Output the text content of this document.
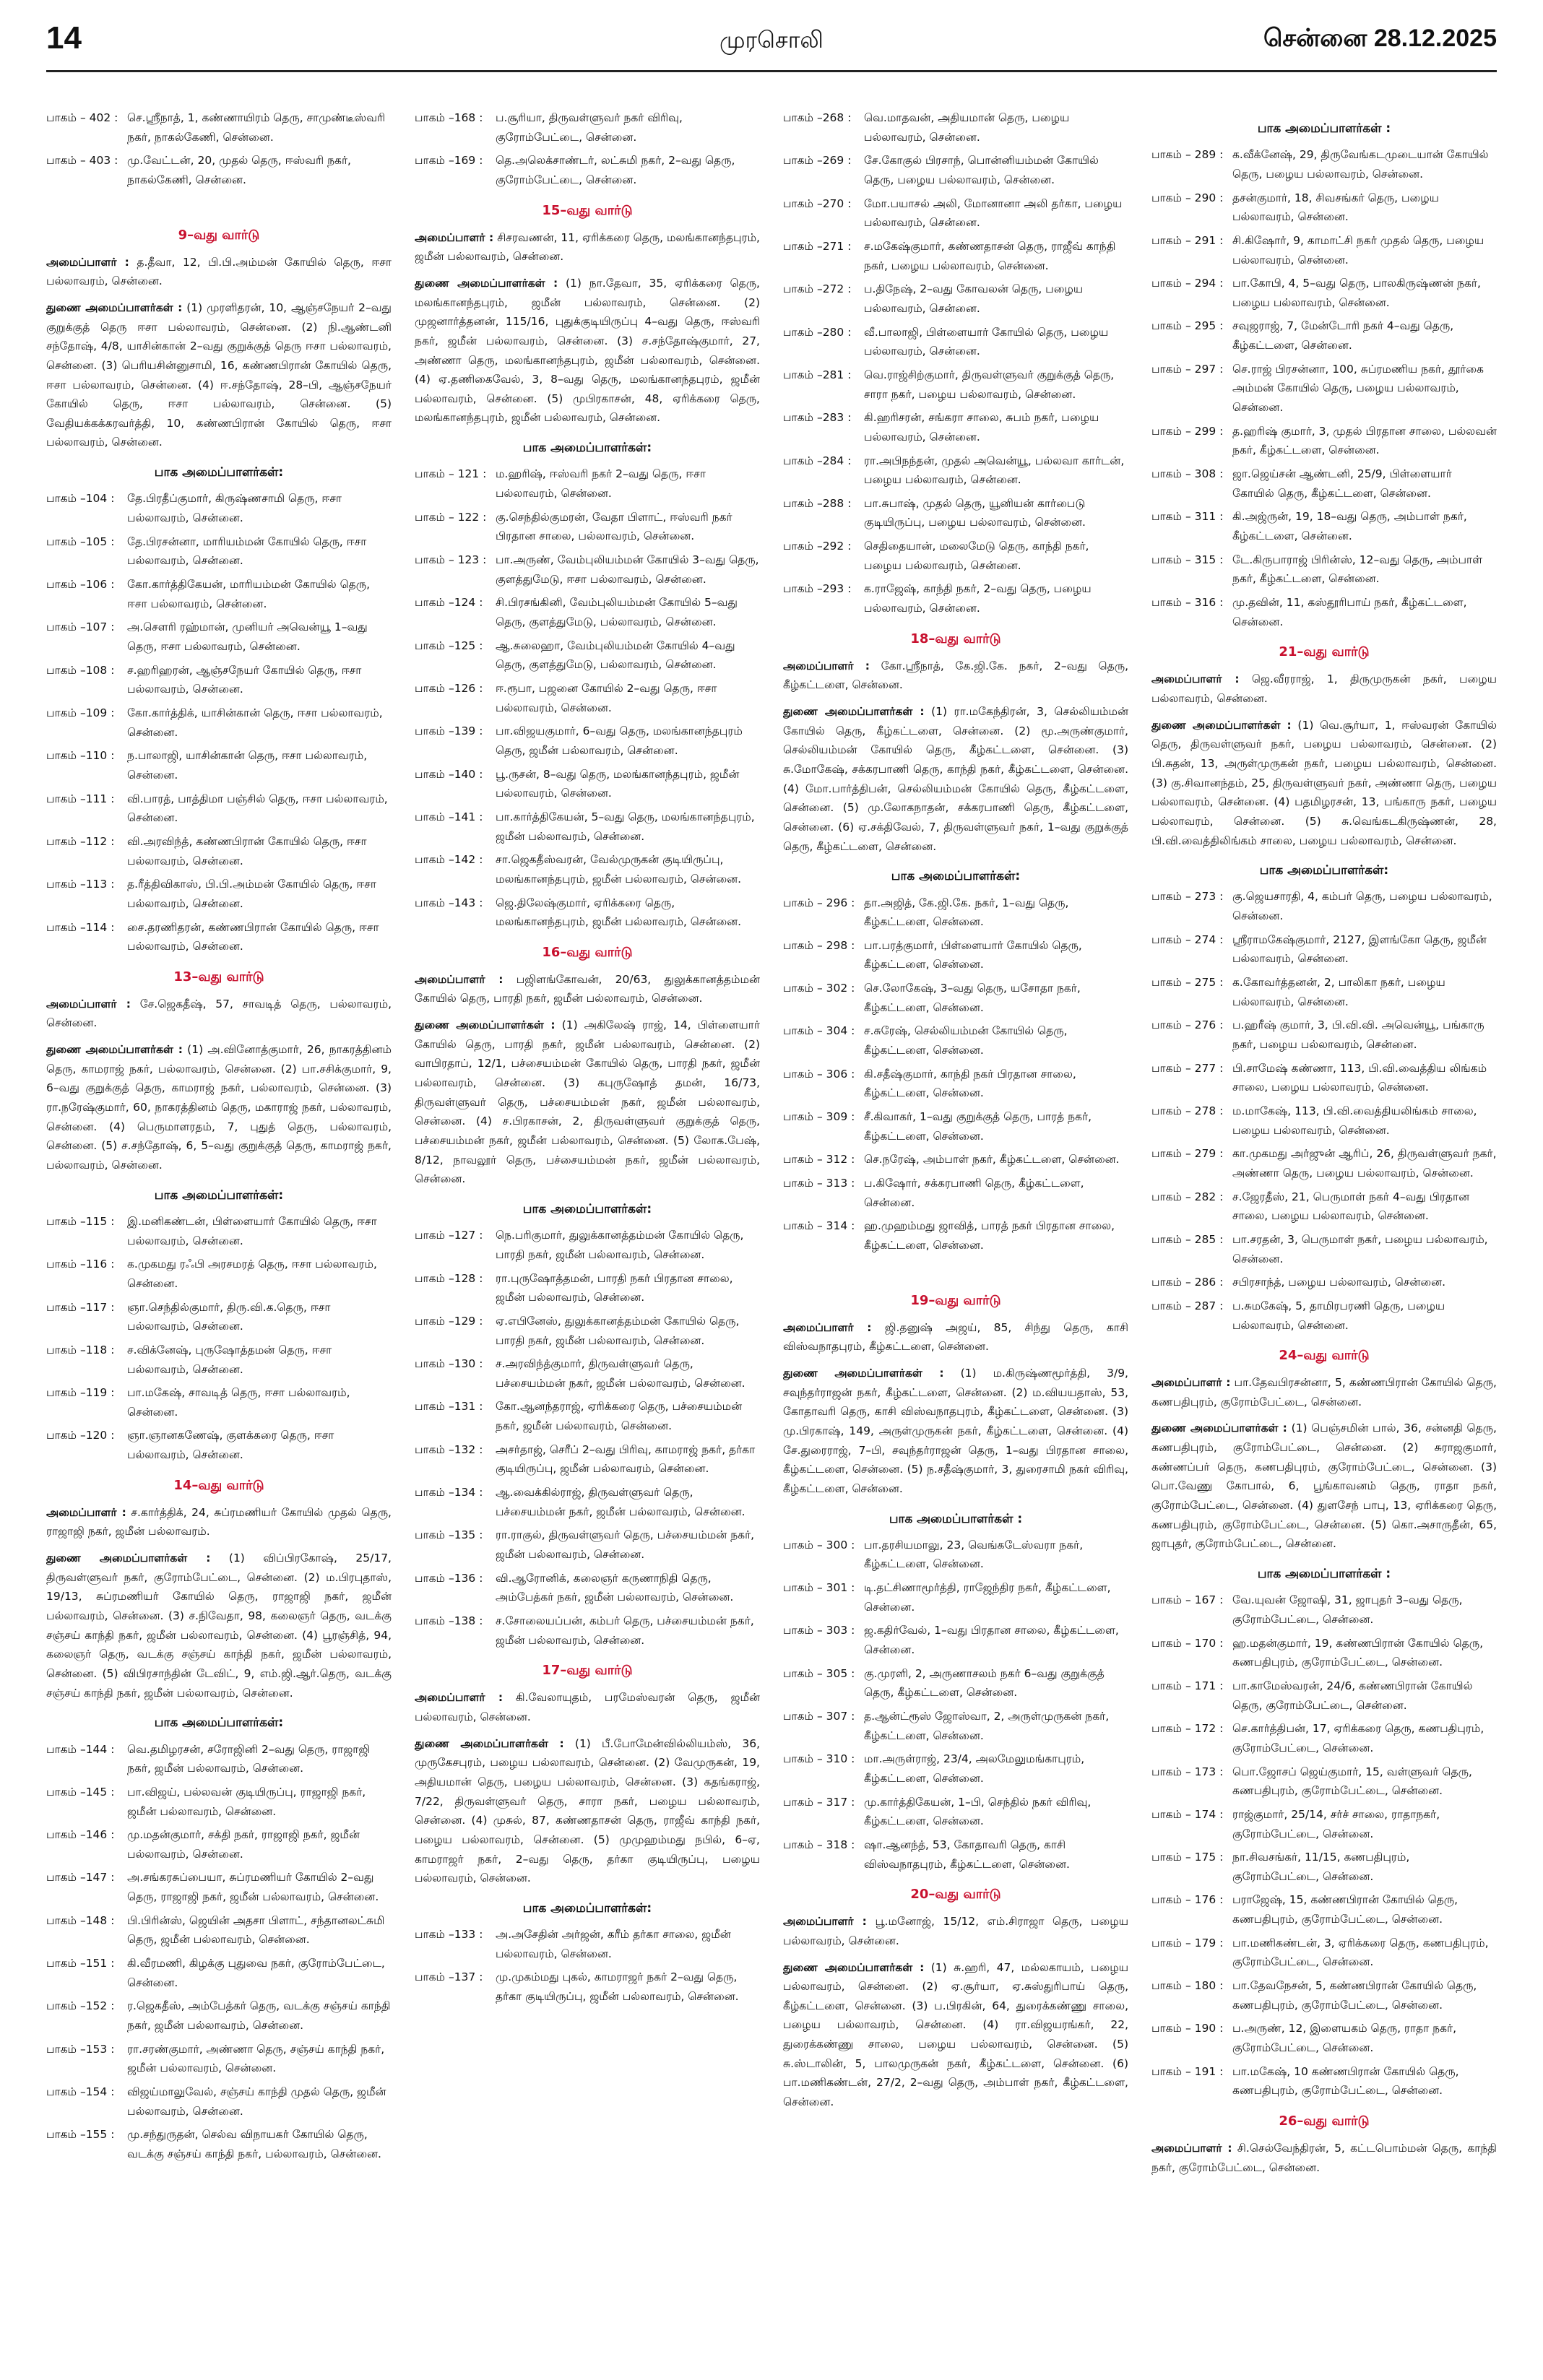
14	முரசொலி	சென்னை 28.12.2025
பாகம் – 402 : செ.ஸ்ரீநாத், 1, கண்ணாயிரம் தெரு, சாமுண்டீஸ்வரி நகர், நாகல்கேணி, சென்னை.
பாகம் – 403 : மு.வேட்டன், 20, முதல் தெரு, ஈஸ்வரி நகர், நாகல்கேணி, சென்னை.
9–வது வார்டு
அமைப்பாளர் : த.தீவா, 12, பி.பி.அம்மன் கோயில் தெரு, ஈசா பல்லாவரம், சென்னை.
துணை அமைப்பாளர்கள் : (1) முரளிதரன், 10, ஆஞ்சநேயர் 2–வது குறுக்குத் தெரு ஈசா பல்லாவரம், சென்னை. (2) நி.ஆண்டனி சந்தோஷ், 4/8, யாசின்கான் 2–வது குறுக்குத் தெரு ஈசா பல்லாவரம், சென்னை. (3) பெரியசின்னுசாமி, 16, கண்ணபிரான் கோயில் தெரு, ஈசா பல்லாவரம், சென்னை. (4) ஈ.சந்தோஷ், 28–பி, ஆஞ்சநேயர் கோயில் தெரு, ஈசா பல்லாவரம், சென்னை. (5) வேதியக்கக்கரவர்த்தி, 10, கண்ணபிரான் கோயில் தெரு, ஈசா பல்லாவரம், சென்னை.
பாக அமைப்பாளர்கள்:
பாகம் –104 :	தே.பிரதீப்குமார், கிருஷ்ணசாமி தெரு, ஈசா பல்லாவரம், சென்னை.
பாகம் –105 :	தே.பிரசன்னா, மாரியம்மன் கோயில் தெரு, ஈசா பல்லாவரம், சென்னை.
பாகம் –106 :	கோ.கார்த்திகேயன், மாரியம்மன் கோயில் தெரு, ஈசா பல்லாவரம், சென்னை.
பாகம் –107 :	அ.சௌரி ரஹ்மான், முனியர் அவென்யூ 1–வது தெரு, ஈசா பல்லாவரம், சென்னை.
பாகம் –108 :	ச.ஹரிஹரன், ஆஞ்சநேயர் கோயில் தெரு, ஈசா பல்லாவரம், சென்னை.
பாகம் –109 :	கோ.கார்த்திக், யாசின்கான் தெரு, ஈசா பல்லாவரம், சென்னை.
பாகம் –110 :	ந.பாலாஜி, யாசின்கான் தெரு, ஈசா பல்லாவரம், சென்னை.
பாகம் –111 :	வி.பாரத், பாத்திமா பஞ்சில் தெரு, ஈசா பல்லாவரம், சென்னை.
பாகம் –112 :	வி.அரவிந்த், கண்ணபிரான் கோயில் தெரு, ஈசா பல்லாவரம், சென்னை.
பாகம் –113 :	த.ரீத்திவிகாஸ், பி.பி.அம்மன் கோயில் தெரு, ஈசா பல்லாவரம், சென்னை.
பாகம் –114 :	சை.தரணிதரன், கண்ணபிரான் கோயில் தெரு, ஈசா பல்லாவரம், சென்னை.
13–வது வார்டு
அமைப்பாளர் : சே.ஜெகதீஷ், 57, சாவடித் தெரு, பல்லாவரம், சென்னை.
துணை அமைப்பாளர்கள் : (1) அ.வினோத்குமார், 26, நாகரத்தினம் தெரு, காமராஜ் நகர், பல்லாவரம், சென்னை. (2) பா.சசிக்குமார், 9, 6–வது குறுக்குத் தெரு, காமராஜ் நகர், பல்லாவரம், சென்னை. (3) ரா.நரேஷ்குமார், 60, நாகரத்தினம் தெரு, மகாராஜ் நகர், பல்லாவரம், சென்னை. (4) பெருமாளரதம், 7, புதுத் தெரு, பல்லாவரம், சென்னை. (5) ச.சந்தோஷ், 6, 5–வது குறுக்குத் தெரு, காமராஜ் நகர், பல்லாவரம், சென்னை.
பாக அமைப்பாளர்கள்:
பாகம் –115 :	இ.மனிகண்டன், பிள்ளையார் கோயில் தெரு, ஈசா பல்லாவரம், சென்னை.
பாகம் –116 :	க.முகமது ரஃபி அரசமரத் தெரு, ஈசா பல்லாவரம், சென்னை.
பாகம் –117 :	ஞா.செந்தில்குமார், திரு.வி.க.தெரு, ஈசா பல்லாவரம், சென்னை.
பாகம் –118 :	ச.விக்னேஷ், புருஷோத்தமன் தெரு, ஈசா பல்லாவரம், சென்னை.
பாகம் –119 :	பா.மகேஷ், சாவடித் தெரு, ஈசா பல்லாவரம், சென்னை.
பாகம் –120 :	ஞா.ஞானகணேஷ், குளக்கரை தெரு, ஈசா பல்லாவரம், சென்னை.
14–வது வார்டு
அமைப்பாளர் : ச.கார்த்திக், 24, சுப்ரமணியர் கோயில் முதல் தெரு, ராஜாஜி நகர், ஜமீன் பல்லாவரம்.
துணை அமைப்பாளர்கள் : (1) விப்பிரகோஷ், 25/17, திருவள்ளுவர் நகர், குரோம்பேட்டை, சென்னை. (2) ம.பிரபுதாஸ், 19/13, சுப்ரமணியர் கோயில் தெரு, ராஜாஜி நகர், ஜமீன் பல்லாவரம், சென்னை. (3) ச.நிவேதா, 98, கலைஞர் தெரு, வடக்கு சஞ்சய் காந்தி நகர், ஜமீன் பல்லாவரம், சென்னை. (4) பூரஞ்சித், 94, கலைஞர் தெரு, வடக்கு சஞ்சய் காந்தி நகர், ஜமீன் பல்லாவரம், சென்னை. (5) விபிரசாந்தின் டேவிட், 9, எம்.ஜி.ஆர்.தெரு, வடக்கு சஞ்சய் காந்தி நகர், ஜமீன் பல்லாவரம், சென்னை.
பாக அமைப்பாளர்கள்:
பாகம் –144 :	வெ.தமிழரசன், சரோஜினி 2–வது தெரு, ராஜாஜி நகர், ஜமீன் பல்லாவரம், சென்னை.
பாகம் –145 :	பா.விஜய், பல்லவன் குடியிருப்பு, ராஜாஜி நகர், ஜமீன் பல்லாவரம், சென்னை.
பாகம் –146 :	மு.மதன்குமார், சக்தி நகர், ராஜாஜி நகர், ஜமீன் பல்லாவரம், சென்னை.
பாகம் –147 :	அ.சங்கரசுப்பையா, சுப்ரமணியர் கோயில் 2–வது தெரு, ராஜாஜி நகர், ஜமீன் பல்லாவரம், சென்னை.
பாகம் –148 :	பி.பிரின்ஸ், ஜெயின் அதசா பிளாட், சந்தானலட்சுமி தெரு, ஜமீன் பல்லாவரம், சென்னை.
பாகம் –151 :	கி.வீரமணி, கிழக்கு புதுவை நகர், குரோம்பேட்டை, சென்னை.
பாகம் –152 :	ர.ஜெகதீஸ், அம்பேத்கர் தெரு, வடக்கு சஞ்சய் காந்தி நகர், ஜமீன் பல்லாவரம், சென்னை.
பாகம் –153 :	ரா.சரண்குமார், அண்ணா தெரு, சஞ்சய் காந்தி நகர், ஜமீன் பல்லாவரம், சென்னை.
பாகம் –154 :	விஜய்மாலுவேல், சஞ்சய் காந்தி முதல் தெரு, ஜமீன் பல்லாவரம், சென்னை.
பாகம் –155 :	மு.சந்துருதன், செல்வ விநாயகர் கோயில் தெரு, வடக்கு சஞ்சய் காந்தி நகர், பல்லாவரம், சென்னை.
பாகம் –168 :	ப.சூரியா, திருவள்ளுவர் நகர் விரிவு, குரோம்பேட்டை, சென்னை.
பாகம் –169 :	தெ.அலெக்சாண்டர், லட்சுமி நகர், 2–வது தெரு, குரோம்பேட்டை, சென்னை.
15–வது வார்டு
அமைப்பாளர் : சிசரவணன், 11, ஏரிக்கரை தெரு, மலங்கானந்தபுரம், ஜமீன் பல்லாவரம், சென்னை.
துணை அமைப்பாளர்கள் : (1) நா.தேவா, 35, ஏரிக்கரை தெரு, மலங்கானந்தபுரம், ஜமீன் பல்லாவரம், சென்னை. (2) முஜனார்த்தனன், 115/16, புதுக்குடியிருப்பு 4–வது தெரு, ஈஸ்வரி நகர், ஜமீன் பல்லாவரம், சென்னை. (3) ச.சந்தோஷ்குமார், 27, அண்ணா தெரு, மலங்கானந்தபுரம், ஜமீன் பல்லாவரம், சென்னை. (4) ஏ.தணிகைவேல், 3, 8–வது தெரு, மலங்கானந்தபுரம், ஜமீன் பல்லாவரம், சென்னை. (5) முபிரகாசன், 48, ஏரிக்கரை தெரு, மலங்கானந்தபுரம், ஜமீன் பல்லாவரம், சென்னை.
பாக அமைப்பாளர்கள்:
பாகம் – 121 : ம.ஹரிஷ், ஈஸ்வரி நகர் 2–வது தெரு, ஈசா பல்லாவரம், சென்னை.
பாகம் – 122 : கு.செந்தில்குமரன், வேதா பிளாட், ஈஸ்வரி நகர் பிரதான சாலை, பல்லாவரம், சென்னை.
பாகம் – 123 : பா.அருண், வேம்புலியம்மன் கோயில் 3–வது தெரு, குளத்துமேடு, ஈசா பல்லாவரம், சென்னை.
பாகம் –124 :	சி.பிரசங்கினி, வேம்புலியம்மன் கோயில் 5–வது தெரு, குளத்துமேடு, பல்லாவரம், சென்னை.
பாகம் –125 :	ஆ.சுலைஹா, வேம்புலியம்மன் கோயில் 4–வது தெரு, குளத்துமேடு, பல்லாவரம், சென்னை.
பாகம் –126 :	ஈ.ரூபா, பஜனை கோயில் 2–வது தெரு, ஈசா பல்லாவரம், சென்னை.
பாகம் –139 :	பா.விஜயகுமார், 6–வது தெரு, மலங்கானந்தபுரம் தெரு, ஜமீன் பல்லாவரம், சென்னை.
பாகம் –140 :	பூ.ருசன், 8–வது தெரு, மலங்கானந்தபுரம், ஜமீன் பல்லாவரம், சென்னை.
பாகம் –141 :	பா.கார்த்திகேயன், 5–வது தெரு, மலங்கானந்தபுரம், ஜமீன் பல்லாவரம், சென்னை.
பாகம் –142 :	சா.ஜெகதீஸ்வரன், வேல்முருகன் குடியிருப்பு, மலங்கானந்தபுரம், ஜமீன் பல்லாவரம், சென்னை.
பாகம் –143 :	ஜெ.திலேஷ்குமார், ஏரிக்கரை தெரு, மலங்கானந்தபுரம், ஜமீன் பல்லாவரம், சென்னை.
16–வது வார்டு
அமைப்பாளர் : பஜிளங்கோவன், 20/63, துலுக்கானத்தம்மன் கோயில் தெரு, பாரதி நகர், ஜமீன் பல்லாவரம், சென்னை.
துணை அமைப்பாளர்கள் : (1) அகிலேஷ் ராஜ், 14, பிள்ளையார் கோயில் தெரு, பாரதி நகர், ஜமீன் பல்லாவரம், சென்னை. (2) வாபிரதாப், 12/1, பச்சையம்மன் கோயில் தெரு, பாரதி நகர், ஜமீன் பல்லாவரம், சென்னை. (3) கபுருஷோத் தமன், 16/73, திருவள்ளுவர் தெரு, பச்சையம்மன் நகர், ஜமீன் பல்லாவரம், சென்னை. (4) ச.பிரகாசன், 2, திருவள்ளுவர் குறுக்குத் தெரு, பச்சையம்மன் நகர், ஜமீன் பல்லாவரம், சென்னை. (5) லோக.பேஷ், 8/12, நாவலூர் தெரு, பச்சையம்மன் நகர், ஜமீன் பல்லாவரம், சென்னை.
பாக அமைப்பாளர்கள்:
பாகம் –127 :	நெ.பரிகுமார், துலுக்கானத்தம்மன் கோயில் தெரு, பாரதி நகர், ஜமீன் பல்லாவரம், சென்னை.
பாகம் –128 :	ரா.புருஷோத்தமன், பாரதி நகர் பிரதான சாலை, ஜமீன் பல்லாவரம், சென்னை.
பாகம் –129 :	ஏ.எபினேஸ், துலுக்கானத்தம்மன் கோயில் தெரு, பாரதி நகர், ஜமீன் பல்லாவரம், சென்னை.
பாகம் –130 :	ச.அரவிந்த்குமார், திருவள்ளுவர் தெரு, பச்சையம்மன் நகர், ஜமீன் பல்லாவரம், சென்னை.
பாகம் –131 :	கோ.ஆனந்தராஜ், ஏரிக்கரை தெரு, பச்சையம்மன் நகர், ஜமீன் பல்லாவரம், சென்னை.
பாகம் –132 :	அசர்தாஜ், செரீப் 2–வது பிரிவு, காமராஜ் நகர், தர்கா குடியிருப்பு, ஜமீன் பல்லாவரம், சென்னை.
பாகம் –134 :	ஆ.வைக்கில்ராஜ், திருவள்ளுவர் தெரு, பச்சையம்மன் நகர், ஜமீன் பல்லாவரம், சென்னை.
பாகம் –135 :	ரா.ராகுல், திருவள்ளுவர் தெரு, பச்சையம்மன் நகர், ஜமீன் பல்லாவரம், சென்னை.
பாகம் –136 :	வி.ஆரோனிக், கலைஞர் கருணாநிதி தெரு, அம்பேத்கர் நகர், ஜமீன் பல்லாவரம், சென்னை.
பாகம் –138 :	ச.சோலையப்பன், கம்பர் தெரு, பச்சையம்மன் நகர், ஜமீன் பல்லாவரம், சென்னை.
17–வது வார்டு
அமைப்பாளர் : கி.வேலாயுதம், பரமேஸ்வரன் தெரு, ஜமீன் பல்லாவரம், சென்னை.
துணை அமைப்பாளர்கள் : (1) பீ.போமேன்வில்லியம்ஸ், 36, முருகேசபுரம், பழைய பல்லாவரம், சென்னை. (2) வேமுருகன், 19, அதியமான் தெரு, பழைய பல்லாவரம், சென்னை. (3) கதங்கராஜ், 7/22, திருவள்ளுவர் தெரு, சாரா நகர், பழைய பல்லாவரம், சென்னை. (4) முசுல், 87, கண்ணதாசன் தெரு, ராஜீவ் காந்தி நகர், பழைய பல்லாவரம், சென்னை. (5) முமுஹம்மது நபில், 6–ஏ, காமராஜர் நகர், 2–வது தெரு, தர்கா குடியிருப்பு, பழைய பல்லாவரம், சென்னை.
பாக அமைப்பாளர்கள்:
பாகம் –133 :	அ.அசேதின் அர்ஜன், கரீம் தர்கா சாலை, ஜமீன் பல்லாவரம், சென்னை.
பாகம் –137 :	மு.முகம்மது புகல், காமராஜர் நகர் 2–வது தெரு, தர்கா குடியிருப்பு, ஜமீன் பல்லாவரம், சென்னை.
பாகம் –268 :	வெ.மாதவன், அதியமான் தெரு, பழைய பல்லாவரம், சென்னை.
பாகம் –269 :	சே.கோகுல் பிரசாந், பொன்னியம்மன் கோயில் தெரு, பழைய பல்லாவரம், சென்னை.
பாகம் –270 :	மோ.பயாசல் அலி, மோனானா அலி தர்கா, பழைய பல்லாவரம், சென்னை.
பாகம் –271 :	ச.மகேஷ்குமார், கண்ணதாசன் தெரு, ராஜீவ் காந்தி நகர், பழைய பல்லாவரம், சென்னை.
பாகம் –272 :	ப.திநேஷ், 2–வது கோவலன் தெரு, பழைய பல்லாவரம், சென்னை.
பாகம் –280 :	வீ.பாலாஜி, பிள்ளையார் கோயில் தெரு, பழைய பல்லாவரம், சென்னை.
பாகம் –281 :	வெ.ராஜ்சிற்குமார், திருவள்ளுவர் குறுக்குத் தெரு, சாரா நகர், பழைய பல்லாவரம், சென்னை.
பாகம் –283 :	கி.ஹரிசரன், சங்கரா சாலை, சுபம் நகர், பழைய பல்லாவரம், சென்னை.
பாகம் –284 :	ரா.அபிநந்தன், முதல் அவென்யூ, பல்லவா கார்டன், பழைய பல்லாவரம், சென்னை.
பாகம் –288 :	பா.சுபாஷ், முதல் தெரு, யூனியன் கார்பைடு குடியிருப்பு, பழைய பல்லாவரம், சென்னை.
பாகம் –292 :	செதிதையான், மலைமேடு தெரு, காந்தி நகர், பழைய பல்லாவரம், சென்னை.
பாகம் –293 :	க.ராஜேஷ், காந்தி நகர், 2–வது தெரு, பழைய பல்லாவரம், சென்னை.
18–வது வார்டு
அமைப்பாளர் : கோ.ஸ்ரீநாத், கே.ஜி.கே. நகர், 2–வது தெரு, கீழ்கட்டளை, சென்னை.
துணை அமைப்பாளர்கள் : (1) ரா.மகேந்திரன், 3, செல்லியம்மன் கோயில் தெரு, கீழ்கட்டளை, சென்னை. (2) மூ.அருண்குமார், செல்லியம்மன் கோயில் தெரு, கீழ்கட்டளை, சென்னை. (3) சு.மோகேஷ், சக்கரபாணி தெரு, காந்தி நகர், கீழ்கட்டளை, சென்னை. (4) மோ.பார்த்திபன், செல்லியம்மன் கோயில் தெரு, கீழ்கட்டளை, சென்னை. (5) மு.லோகநாதன், சக்கரபாணி தெரு, கீழ்கட்டளை, சென்னை. (6) ஏ.சக்திவேல், 7, திருவள்ளுவர் நகர், 1–வது குறுக்குத் தெரு, கீழ்கட்டளை, சென்னை.
பாக அமைப்பாளர்கள்:
பாகம் – 296 : தா.அஜித், கே.ஜி.கே. நகர், 1–வது தெரு, கீழ்கட்டளை, சென்னை.
பாகம் – 298 : பா.பரத்குமார், பிள்ளையார் கோயில் தெரு, கீழ்கட்டளை, சென்னை.
பாகம் – 302 : செ.லோகேஷ், 3–வது தெரு, யசோதா நகர், கீழ்கட்டளை, சென்னை.
பாகம் – 304 : ச.சுரேஷ், செல்லியம்மன் கோயில் தெரு, கீழ்கட்டளை, சென்னை.
பாகம் – 306 : கி.சதீஷ்குமார், காந்தி நகர் பிரதான சாலை, கீழ்கட்டளை, சென்னை.
பாகம் – 309 : சீ.கிவாகர், 1–வது குறுக்குத் தெரு, பாரத் நகர், கீழ்கட்டளை, சென்னை.
பாகம் – 312 : செ.நரேஷ், அம்பாள் நகர், கீழ்கட்டளை, சென்னை.
பாகம் – 313 : ப.கிஷோர், சக்கரபாணி தெரு, கீழ்கட்டளை, சென்னை.
பாகம் – 314 : ஹ.முஹம்மது ஜாவித், பாரத் நகர் பிரதான சாலை, கீழ்கட்டளை, சென்னை.
19–வது வார்டு
அமைப்பாளர் : ஜி.தனுஷ் அஜய், 85, சிந்து தெரு, காசி விஸ்வநாதபுரம், கீழ்கட்டளை, சென்னை.
துணை அமைப்பாளர்கள் : (1) ம.கிருஷ்ணமூர்த்தி, 3/9, சவுந்தர்ராஜன் நகர், கீழ்கட்டளை, சென்னை. (2) ம.வியயதாஸ், 53, கோதாவரி தெரு, காசி விஸ்வநாதபுரம், கீழ்கட்டளை, சென்னை. (3) மு.பிரகாஷ், 149, அருள்முருகன் நகர், கீழ்கட்டளை, சென்னை. (4) சே.துரைராஜ், 7–பி, சவுந்தர்ராஜன் தெரு, 1–வது பிரதான சாலை, கீழ்கட்டளை, சென்னை. (5) ந.சதீஷ்குமார், 3, துரைசாமி நகர் விரிவு, கீழ்கட்டளை, சென்னை.
பாக அமைப்பாளர்கள் :
பாகம் – 300 : பா.தரசியமாலு, 23, வெங்கடேஸ்வரா நகர், கீழ்கட்டளை, சென்னை.
பாகம் – 301 : டி.தட்சிணாமூர்த்தி, ராஜேந்திர நகர், கீழ்கட்டளை, சென்னை.
பாகம் – 303 : ஜ.கதிர்வேல், 1–வது பிரதான சாலை, கீழ்கட்டளை, சென்னை.
பாகம் – 305 : கு.முரளி, 2, அருணாசலம் நகர் 6–வது குறுக்குத் தெரு, கீழ்கட்டளை, சென்னை.
பாகம் – 307 : த.ஆன்ட்ரூஸ் ஜோஸ்வா, 2, அருள்முருகன் நகர், கீழ்கட்டளை, சென்னை.
பாகம் – 310 : மா.அருள்ராஜ், 23/4, அலமேலுமங்காபுரம், கீழ்கட்டளை, சென்னை.
பாகம் – 317 : மு.கார்த்திகேயன், 1–பி, செந்தில் நகர் விரிவு, கீழ்கட்டளை, சென்னை.
பாகம் – 318 : ஷா.ஆனந்த், 53, கோதாவரி தெரு, காசி விஸ்வநாதபுரம், கீழ்கட்டளை, சென்னை.
20–வது வார்டு
அமைப்பாளர் : பூ.மனோஜ், 15/12, எம்.சிராஜா தெரு, பழைய பல்லாவரம், சென்னை.
துணை அமைப்பாளர்கள் : (1) சு.ஹரி, 47, மல்லகாயம், பழைய பல்லாவரம், சென்னை. (2) ஏ.சூர்யா, ஏ.சுஸ்துரிபாய் தெரு, கீழ்கட்டளை, சென்னை. (3) ப.பிரகின், 64, துரைக்கண்ணு சாலை, பழைய பல்லாவரம், சென்னை. (4) ரா.விஜயரங்கர், 22, துரைக்கண்ணு சாலை, பழைய பல்லாவரம், சென்னை. (5) சு.ஸ்டாலின், 5, பாலமுருகன் நகர், கீழ்கட்டளை, சென்னை. (6) பா.மணிகண்டன், 27/2, 2–வது தெரு, அம்பாள் நகர், கீழ்கட்டளை, சென்னை.
பாக அமைப்பாளர்கள் :
பாகம் – 289 : க.வீக்னேஷ், 29, திருவேங்கடமுடையான் கோயில் தெரு, பழைய பல்லாவரம், சென்னை.
பாகம் – 290 : தசன்குமார், 18, சிவசங்கர் தெரு, பழைய பல்லாவரம், சென்னை.
பாகம் – 291 : சி.கிஷோர், 9, காமாட்சி நகர் முதல் தெரு, பழைய பல்லாவரம், சென்னை.
பாகம் – 294 : பா.கோபி, 4, 5–வது தெரு, பாலகிருஷ்ணன் நகர், பழைய பல்லாவரம், சென்னை.
பாகம் – 295 : சவுஜராஜ், 7, மேன்டோரி நகர் 4–வது தெரு, கீழ்கட்டளை, சென்னை.
பாகம் – 297 : செ.ராஜ் பிரசன்னா, 100, சுப்ரமணிய நகர், தூர்கை அம்மன் கோயில் தெரு, பழைய பல்லாவரம், சென்னை.
பாகம் – 299 : த.ஹரிஷ் குமார், 3, முதல் பிரதான சாலை, பல்லவன் நகர், கீழ்கட்டளை, சென்னை.
பாகம் – 308 : ஜா.ஜெய்சன் ஆண்டனி, 25/9, பிள்ளையார் கோயில் தெரு, கீழ்கட்டளை, சென்னை.
பாகம் – 311 : கி.அஜ்ருன், 19, 18–வது தெரு, அம்பாள் நகர், கீழ்கட்டளை, சென்னை.
பாகம் – 315 : டே.கிருபாராஜ் பிரின்ஸ், 12–வது தெரு, அம்பாள் நகர், கீழ்கட்டளை, சென்னை.
பாகம் – 316 : மு.தவின், 11, கஸ்தூரிபாய் நகர், கீழ்கட்டளை, சென்னை.
21–வது வார்டு
அமைப்பாளர் : ஜெ.வீரராஜ், 1, திருமுருகன் நகர், பழைய பல்லாவரம், சென்னை.
துணை அமைப்பாளர்கள் : (1) வெ.சூர்யா, 1, ஈஸ்வரன் கோயில் தெரு, திருவள்ளுவர் நகர், பழைய பல்லாவரம், சென்னை. (2) பி.சுதன், 13, அருள்முருகன் நகர், பழைய பல்லாவரம், சென்னை. (3) கு.சிவானந்தம், 25, திருவள்ளுவர் நகர், அண்ணா தெரு, பழைய பல்லாவரம், சென்னை. (4) பதமிழரசன், 13, பங்காரு நகர், பழைய பல்லாவரம், சென்னை. (5) சு.வெங்கடகிருஷ்ணன், 28, பி.வி.வைத்திலிங்கம் சாலை, பழைய பல்லாவரம், சென்னை.
பாக அமைப்பாளர்கள்:
பாகம் – 273 : கு.ஜெயசாரதி, 4, கம்பர் தெரு, பழைய பல்லாவரம், சென்னை.
பாகம் – 274 : ஸ்ரீராமகேஷ்குமார், 2127, இளங்கோ தெரு, ஜமீன் பல்லாவரம், சென்னை.
பாகம் – 275 : க.கோவர்த்தனன், 2, பாலிகா நகர், பழைய பல்லாவரம், சென்னை.
பாகம் – 276 : ப.ஹரீஷ் குமார், 3, பி.வி.வி. அவென்யூ, பங்காரு நகர், பழைய பல்லாவரம், சென்னை.
பாகம் – 277 : பி.சாமேஷ் கண்ணா, 113, பி.வி.வைத்திய லிங்கம் சாலை, பழைய பல்லாவரம், சென்னை.
பாகம் – 278 : ம.மாகேஷ், 113, பி.வி.வைத்தியலிங்கம் சாலை, பழைய பல்லாவரம், சென்னை.
பாகம் – 279 : கா.முகமது அர்ஜுன் ஆரிப், 26, திருவள்ளுவர் நகர், அண்ணா தெரு, பழைய பல்லாவரம், சென்னை.
பாகம் – 282 : ச.ஜேரதீஸ், 21, பெருமாள் நகர் 4–வது பிரதான சாலை, பழைய பல்லாவரம், சென்னை.
பாகம் – 285 : பா.சரதன், 3, பெருமாள் நகர், பழைய பல்லாவரம், சென்னை.
பாகம் – 286 : சபிரசாந்த், பழைய பல்லாவரம், சென்னை.
பாகம் – 287 : ப.சுமகேஷ், 5, தாமிரபரணி தெரு, பழைய பல்லாவரம், சென்னை.
24–வது வார்டு
அமைப்பாளர் : பா.தேவபிரசன்னா, 5, கண்ணபிரான் கோயில் தெரு, கணபதிபுரம், குரோம்பேட்டை, சென்னை.
துணை அமைப்பாளர்கள் : (1) பெஞ்சமின் பால், 36, சன்னதி தெரு, கணபதிபுரம், குரோம்பேட்டை, சென்னை. (2) சுராஜகுமார், கண்ணப்பர் தெரு, கணபதிபுரம், குரோம்பேட்டை, சென்னை. (3) பொ.வேணு கோபால், 6, பூங்காவனம் தெரு, ராதா நகர், குரோம்பேட்டை, சென்னை. (4) துளசேந் பாபு, 13, ஏரிக்கரை தெரு, கணபதிபுரம், குரோம்பேட்டை, சென்னை. (5) கொ.அசாருதீன், 65, ஜாபுதர், குரோம்பேட்டை, சென்னை.
பாக அமைப்பாளர்கள் :
பாகம் – 167 : வே.யுவன் ஜோஷி, 31, ஜாபுதர் 3–வது தெரு, குரோம்பேட்டை, சென்னை.
பாகம் – 170 : ஹ.மதன்குமார், 19, கண்ணபிரான் கோயில் தெரு, கணபதிபுரம், குரோம்பேட்டை, சென்னை.
பாகம் – 171 : பா.காமேஸ்வரன், 24/6, கண்ணபிரான் கோயில் தெரு, குரோம்பேட்டை, சென்னை.
பாகம் – 172 : செ.கார்த்திபன், 17, ஏரிக்கரை தெரு, கணபதிபுரம், குரோம்பேட்டை, சென்னை.
பாகம் – 173 : பொ.ஜோசப் ஜெய்குமார், 15, வள்ளுவர் தெரு, கணபதிபுரம், குரோம்பேட்டை, சென்னை.
பாகம் – 174 : ராஜ்குமார், 25/14, சர்ச் சாலை, ராதாநகர், குரோம்பேட்டை, சென்னை.
பாகம் – 175 : நா.சிவசங்கர், 11/15, கணபதிபுரம், குரோம்பேட்டை, சென்னை.
பாகம் – 176 : பராஜேஷ், 15, கண்ணபிரான் கோயில் தெரு, கணபதிபுரம், குரோம்பேட்டை, சென்னை.
பாகம் – 179 : பா.மணிகண்டன், 3, ஏரிக்கரை தெரு, கணபதிபுரம், குரோம்பேட்டை, சென்னை.
பாகம் – 180 : பா.தேவநேசன், 5, கண்ணபிரான் கோயில் தெரு, கணபதிபுரம், குரோம்பேட்டை, சென்னை.
பாகம் – 190 : ப.அருண், 12, இளையகம் தெரு, ராதா நகர், குரோம்பேட்டை, சென்னை.
பாகம் – 191 : பா.மகேஷ், 10 கண்ணபிரான் கோயில் தெரு, கணபதிபுரம், குரோம்பேட்டை, சென்னை.
26–வது வார்டு
அமைப்பாளர் : சி.செல்வேந்திரன், 5, கட்டபொம்மன் தெரு, காந்தி நகர், குரோம்பேட்டை, சென்னை.
